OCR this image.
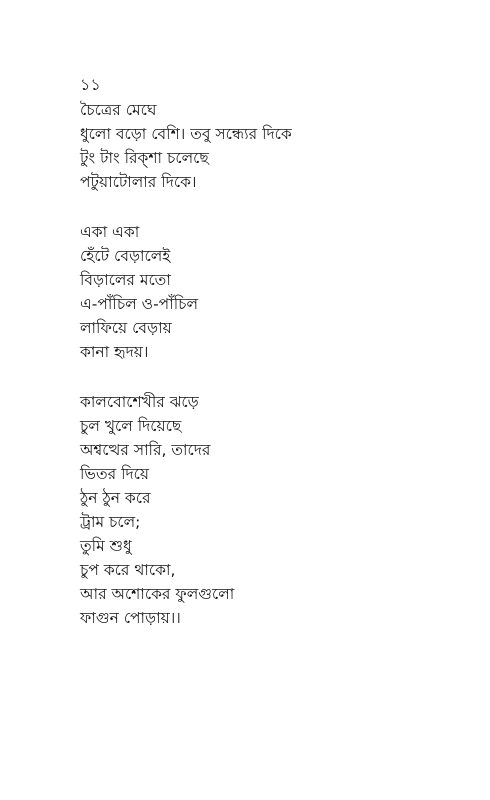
১১
চৈত্রের মেঘে
ধুলো বড়ো বেশি। তবু সন্ধ্যের দিকে
টুং টাং রিক্‌শা চলেছে
পটুয়াটোলার দিকে।
একা একা
হেঁটে বেড়ালেই
বিড়ালের মতো
এ-পাঁচিল ও-পাঁচিল
লাফিয়ে বেড়ায়
কানা হৃদয়।
কালবোশেখীর ঝড়ে
চুল খুলে দিয়েছে
অশ্বত্থের সারি, তাদের
ভিতর দিয়ে
ঠুন ঠুন করে
ট্রাম চলে;
তুমি শুধু
চুপ করে থাকো,
আর অশোকের ফুলগুলো
ফাগুন পোড়ায়।।
